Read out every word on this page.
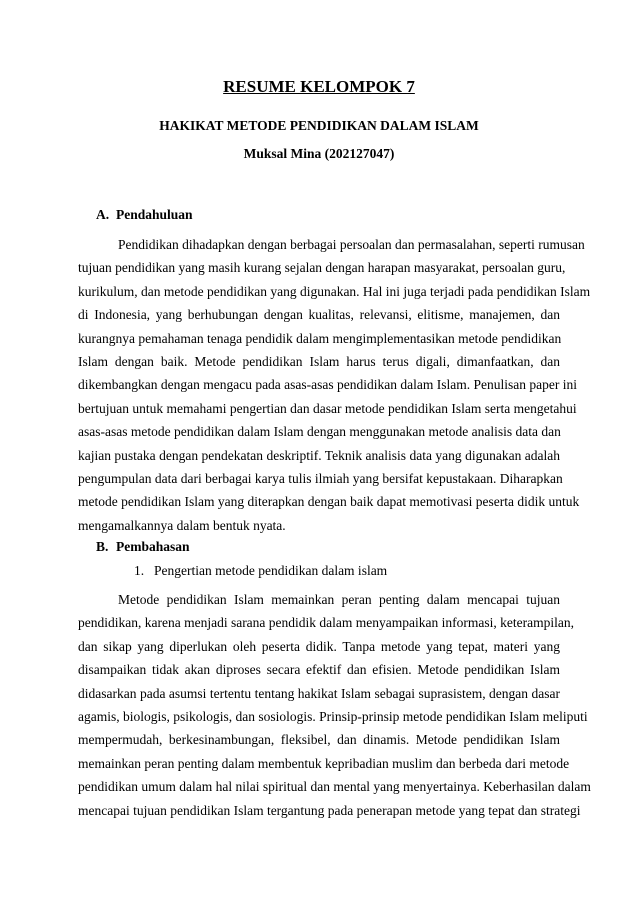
RESUME KELOMPOK 7
HAKIKAT METODE PENDIDIKAN DALAM ISLAM
Muksal Mina (202127047)
A. Pendahuluan
Pendidikan dihadapkan dengan berbagai persoalan dan permasalahan, seperti rumusan
tujuan pendidikan yang masih kurang sejalan dengan harapan masyarakat, persoalan guru,
kurikulum, dan metode pendidikan yang digunakan. Hal ini juga terjadi pada pendidikan Islam
di Indonesia, yang berhubungan dengan kualitas, relevansi, elitisme, manajemen, dan
kurangnya pemahaman tenaga pendidik dalam mengimplementasikan metode pendidikan
Islam dengan baik. Metode pendidikan Islam harus terus digali, dimanfaatkan, dan
dikembangkan dengan mengacu pada asas-asas pendidikan dalam Islam. Penulisan paper ini
bertujuan untuk memahami pengertian dan dasar metode pendidikan Islam serta mengetahui
asas-asas metode pendidikan dalam Islam dengan menggunakan metode analisis data dan
kajian pustaka dengan pendekatan deskriptif. Teknik analisis data yang digunakan adalah
pengumpulan data dari berbagai karya tulis ilmiah yang bersifat kepustakaan. Diharapkan
metode pendidikan Islam yang diterapkan dengan baik dapat memotivasi peserta didik untuk
mengamalkannya dalam bentuk nyata.
B. Pembahasan
1. Pengertian metode pendidikan dalam islam
Metode pendidikan Islam memainkan peran penting dalam mencapai tujuan
pendidikan, karena menjadi sarana pendidik dalam menyampaikan informasi, keterampilan,
dan sikap yang diperlukan oleh peserta didik. Tanpa metode yang tepat, materi yang
disampaikan tidak akan diproses secara efektif dan efisien. Metode pendidikan Islam
didasarkan pada asumsi tertentu tentang hakikat Islam sebagai suprasistem, dengan dasar
agamis, biologis, psikologis, dan sosiologis. Prinsip-prinsip metode pendidikan Islam meliputi
mempermudah, berkesinambungan, fleksibel, dan dinamis. Metode pendidikan Islam
memainkan peran penting dalam membentuk kepribadian muslim dan berbeda dari metode
pendidikan umum dalam hal nilai spiritual dan mental yang menyertainya. Keberhasilan dalam
mencapai tujuan pendidikan Islam tergantung pada penerapan metode yang tepat dan strategi
